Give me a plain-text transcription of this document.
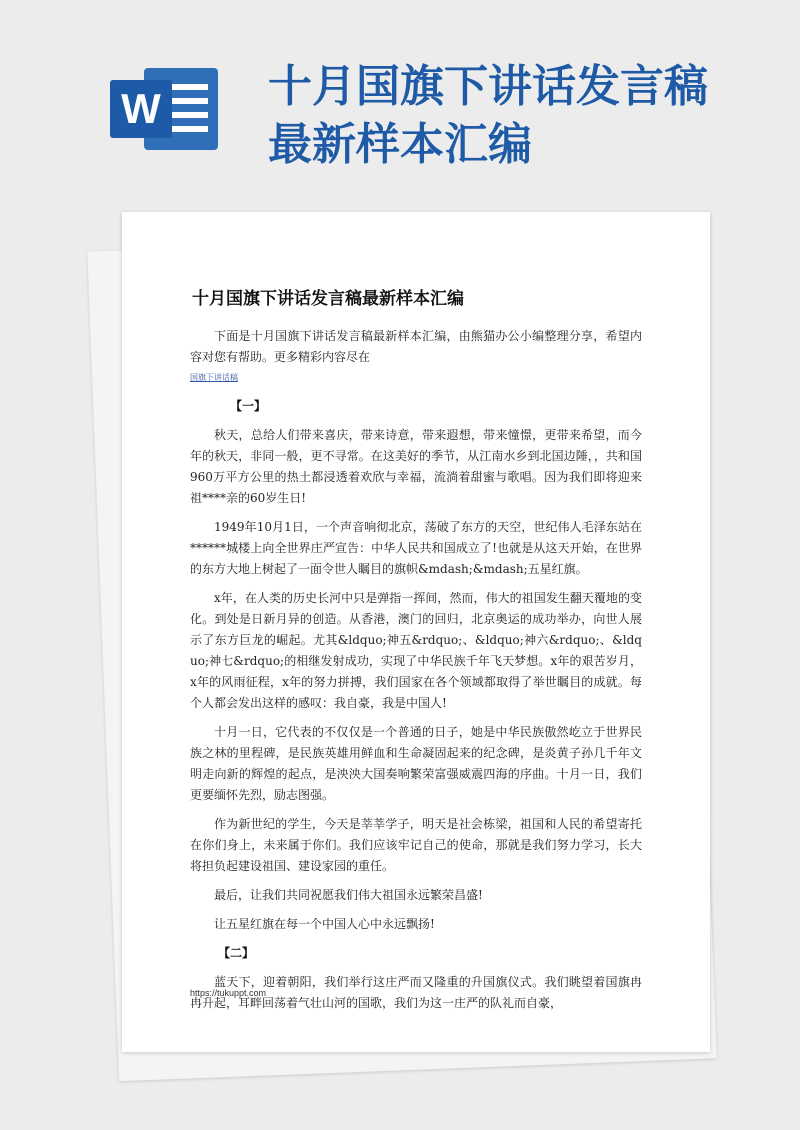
W 十月国旗下讲话发言稿
最新样本汇编
十月国旗下讲话发言稿最新样本汇编

下面是十月国旗下讲话发言稿最新样本汇编，由熊猫办公小编整理分享，希望内容对您有帮助。更多精彩内容尽在

国旗下讲话稿
【一】

秋天，总给人们带来喜庆，带来诗意，带来遐想，带来憧憬，更带来希望，而今年的秋天，非同一般，更不寻常。在这美好的季节，从江南水乡到北国边陲，，共和国960万平方公里的热土都浸透着欢欣与幸福，流淌着甜蜜与歌唱。因为我们即将迎来祖****亲的60岁生日!

1949年10月1日，一个声音响彻北京，荡破了东方的天空，世纪伟人毛泽东站在******城楼上向全世界庄严宣告：中华人民共和国成立了!也就是从这天开始，在世界的东方大地上树起了一面令世人瞩目的旗帜&mdash;&mdash;五星红旗。

x年，在人类的历史长河中只是弹指一挥间，然而，伟大的祖国发生翻天覆地的变化。到处是日新月异的创造。从香港，澳门的回归，北京奥运的成功举办，向世人展示了东方巨龙的崛起。尤其&ldquo;神五&rdquo;、&ldquo;神六&rdquo;、&ldquo;神七&rdquo;的相继发射成功，实现了中华民族千年飞天梦想。x年的艰苦岁月，x年的风雨征程，x年的努力拼搏，我们国家在各个领域都取得了举世瞩目的成就。每个人都会发出这样的感叹：我自豪，我是中国人!

十月一日，它代表的不仅仅是一个普通的日子，她是中华民族傲然屹立于世界民族之林的里程碑，是民族英雄用鲜血和生命凝固起来的纪念碑，是炎黄子孙几千年文明走向新的辉煌的起点，是泱泱大国奏响繁荣富强威震四海的序曲。十月一日，我们更要缅怀先烈，励志图强。

作为新世纪的学生，今天是莘莘学子，明天是社会栋梁，祖国和人民的希望寄托在你们身上，未来属于你们。我们应该牢记自己的使命，那就是我们努力学习，长大将担负起建设祖国、建设家园的重任。

最后，让我们共同祝愿我们伟大祖国永远繁荣昌盛!

让五星红旗在每一个中国人心中永远飘扬!

【二】

蓝天下，迎着朝阳，我们举行这庄严而又隆重的升国旗仪式。我们眺望着国旗冉冉升起，耳畔回荡着气壮山河的国歌，我们为这一庄严的队礼而自豪，

https://tukuppt.com
